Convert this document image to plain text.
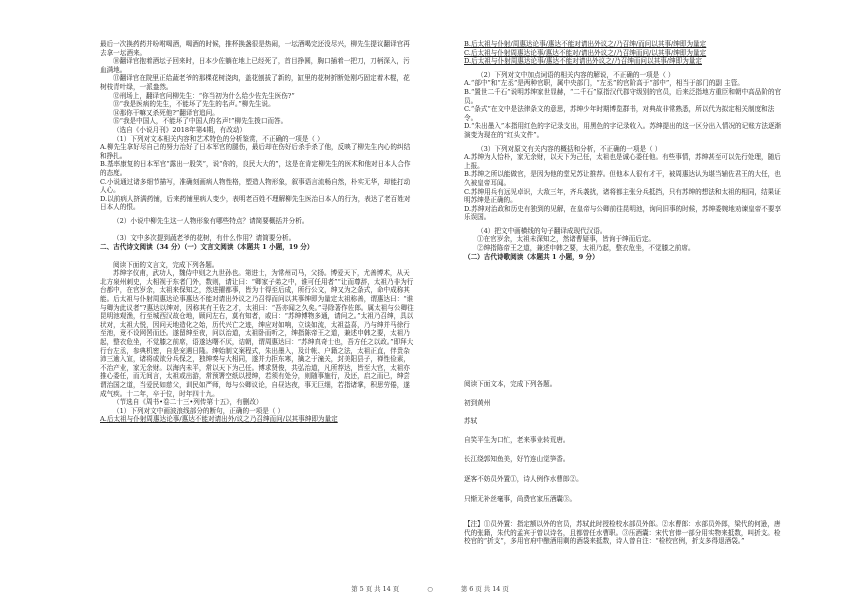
最后一次换药药并吩咐喝酒，喝酒的时候，推杯换盏很是热闹，一坛酒喝完还没尽兴，柳先生提议翻译官再去拿一坛酒来。

⑩翻译官抱着酒坛子回来时，日本少佐躺在地上已经死了，首目挣圆，胸口插着一把刀，刀柄深入，污血满地。

⑪翻译官在院里正给蔬老爷的那棵花树浇肉，盖花刨拔了新的，缸里的花树折断处刚巧固定着木棍，花树枝青叶绿，一派盎然。

⑫刑场上，翻译官问柳先生：“你当初为什么给少佐先生医伤?”

⑬“我是医病的先生，不能坏了先生的名声。”柳先生说。

⑭那你干嘛又杀死他?”翻译官追问。

⑮“我是中国人，不能坏了中国人的名声!”柳先生拨口而答。

（选自《小说月刊》2018年第4期，有改动）

（1）下列对文本相关内容和艺术特色的分析鉴赏，不正确的一项是（ ）

A.柳先生拿好尽自己的努力治好了日本军官的腿伤，最后却在伤好后杀手杀了他，反映了柳先生内心的纠结和挣扎。

B.基率康复的日本军官“露出一股笑”，说“你的，良民大大的”，这是在肯定柳先生的医术和他对日本人合作的态度。

C.小说通过诸多细节描写，准确刻画病人物性格，塑造人物形象，叙事语言流畅自然，朴实无华，却能打动人心。

D.以前病人挤满药铺，后来药铺里病人变少，表明老百姓不理解柳先生医治日本人的行为，表达了老百姓对日本人的恨。

（2）小说中柳先生这一人物形象有哪些特点？请简要概括并分析。

（3）文中多次提到蔬老爷的花树，有什么作用？请简要分析。

二、古代诗文阅读（34 分）（一）文言文阅读（本题共 1 小题，19 分）

阅读下面的文言文，完成下列各题。

苏绅字仪甫，武功人，魏侍中则之九世孙也。第进士，为常州司马，父扬。博爱天下，尤善博术，从天北方泉州刺史，大相视于东者门外，数则，请让曰：“卿家子弟之中，谁可任用者”“让而尊辞，太祖乃非为行台都中，在官岁余，太祖来保知之，然进擢都事，皆为十得至后成，所行公文，绅又为之条式，命中成称其能。后太祖与仆射周惠达论事惠达不能对请出外议之乃召得而问以其事绅即为量定太祖称善，谓惠达曰：“谁与卿为此议者”?惠达以绅对，因称其有王佐之才，太祖曰：“吾亦闻之久矣。”寻除著作佐郎。属太祖与公卿往昆明池观渔，行至城西汉故仓地，顾问左右，莫有知者，或曰：“苏绅博物多通，请问之。”太祖乃召绅，具以状对，太祖大悦，因问天地造化之始，历代兴亡之迹，绅应对如响，立谈如流，太祖益喜，乃与绅并马徐行至池，竟不设网罟而还。遂留绅至夜，问以治道，太祖卧而听之，绅指陈帝王之道，兼述申韩之要，太祖乃起，整衣危坐，不觉膝之前席，语遂达曙不厌，诘朝，谓周惠达曰：“苏绅真奇士也，吾方任之以政。”即拜大行台左丞，参典机密，自是宠遇日隆。绅始制文案程式，朱出墨入，及计帐、户籍之法，太祖正直，伴贵杂沛三逾入宣，诸将或欲分兵保之，独绅奏与大相同，遂并力拒东寒，擒之于潼关，封美阳县子，禅性俭素，不治产业，家无余财。以海内未平，常以天下为己任。博求贤俊，共弘治道，凡所荐达，皆至大官，太祖亦推心委任，而无间言，太祖或出游，常预署空纸以授绅，若须有处分，则随事施行，及还，启之而已，绅尝谓治国之道，当爱民如慈父，训民如严师，每与公卿议论，自昼达夜，事无巨细，若指诸掌，积思劳倦，遂成气疾。十二年，卒于位，时年四十九。

（节选自《周书•卷二十三•列传第十五》，有删改）

（1）下列对文中画波浪线部分的断句，正确的一项是（ ）

A.后太祖与仆射周惠达论事/惠达不能对请出外/议之乃召绅而问/以其事绅即为量定

B.后太祖与仆射/周惠达论事/惠达不能对请出外议之/乃召绅/而问以其事/绅即为量定

C.后太祖与仆射周惠达论事/惠达不能对/请出外议之/乃召绅而问/以其事/绅即为量定

D.后太祖与仆射周惠达论事/惠达不能对请出外议之/乃召绅而问以其事/绅即为量定

（2）下列对文中加点词语的相关内容的解说，不正确的一项是（ ）

A.“部中”和“左丞”是两种官职，属中央部门，“左丞”的官阶高于“部中”，相当于部门的副 主管。

B.“置世二千石”说明苏绅家世显赫，“二千石”原指汉代郡守级别的官员，后来泛指地方重臣和朝中高品阶的官员。

C.“条式”在文中是法律条文的意思，苏绅少年时期博览群书，对典故非常熟悉，所以代为拟定相关制度和法令。

D.“朱出墨入”本指用红色的字记录支出，用黑色的字记录收入。苏绅提出的这一区分出入情况的记账方法逐渐演变为现在的“红头文件”。

（3）下列对原文有关内容的概括和分析，不正确的一项是（ ）

A.苏绅为人恰朴，家无余财，以天下为己任，太祖也是诚心委任他。有些事情，苏绅甚至可以先行处理，随后上报。

B.苏绅之所以能做官，是因为他的堂兄苏让推荐。但他本人很有才干，被周惠达认为堪当辅佐君王的大任，也久被皇帝耳闻。

C.苏绅用兵有远见卓识，大敌三年，齐兵袭扰，诸将都主张分兵抵挡，只有苏绅的想法和太祖的相同，结果证明苏绅是正确的。

D.苏绅对治政和历史有独到的见解，在皇帝与公卿前往昆明池，询问旧事的时候，苏绅委婉地劝谏皇帝不要享乐误国。

（4）把文中画横线的句子翻译成现代汉语。

①在官岁余，太祖未深知之，然诸曹疑事，皆询于绅而后定。

②绅指陈帝王之道，兼述申韩之要，太祖乃起，整衣危坐，不觉膝之前席。

（二）古代诗歌阅读（本题共 1 小题，9 分）

阅读下面文本，完成下列各题。

初到黄州

苏轼

自笑平生为口忙，老来事业转荒唐。

长江绕郭知鱼美，好竹连山觉笋香。

逐客不妨员外置①，诗人例作水曹郎②。

只惭无补丝毫事，尚费官家压酒囊③。

【注】①员外置：指定额以外的官员，苏轼此时授检校水部员外郎。②水曹郎：水部员外郎，梁代的何逊，唐代的张籍，朱代的孟宾于曾以诗名，且都曾任水曹职。③压酒囊：宋代官俸一部分用实物来抵数，叫折支。检校官的“折支”，多用官府中酿酒用剩的酒袋来抵数，诗人曾自注：“检校官例，折支多得退酒袋。”

第 5 页 共 14 页	○	第 6 页 共 14 页
